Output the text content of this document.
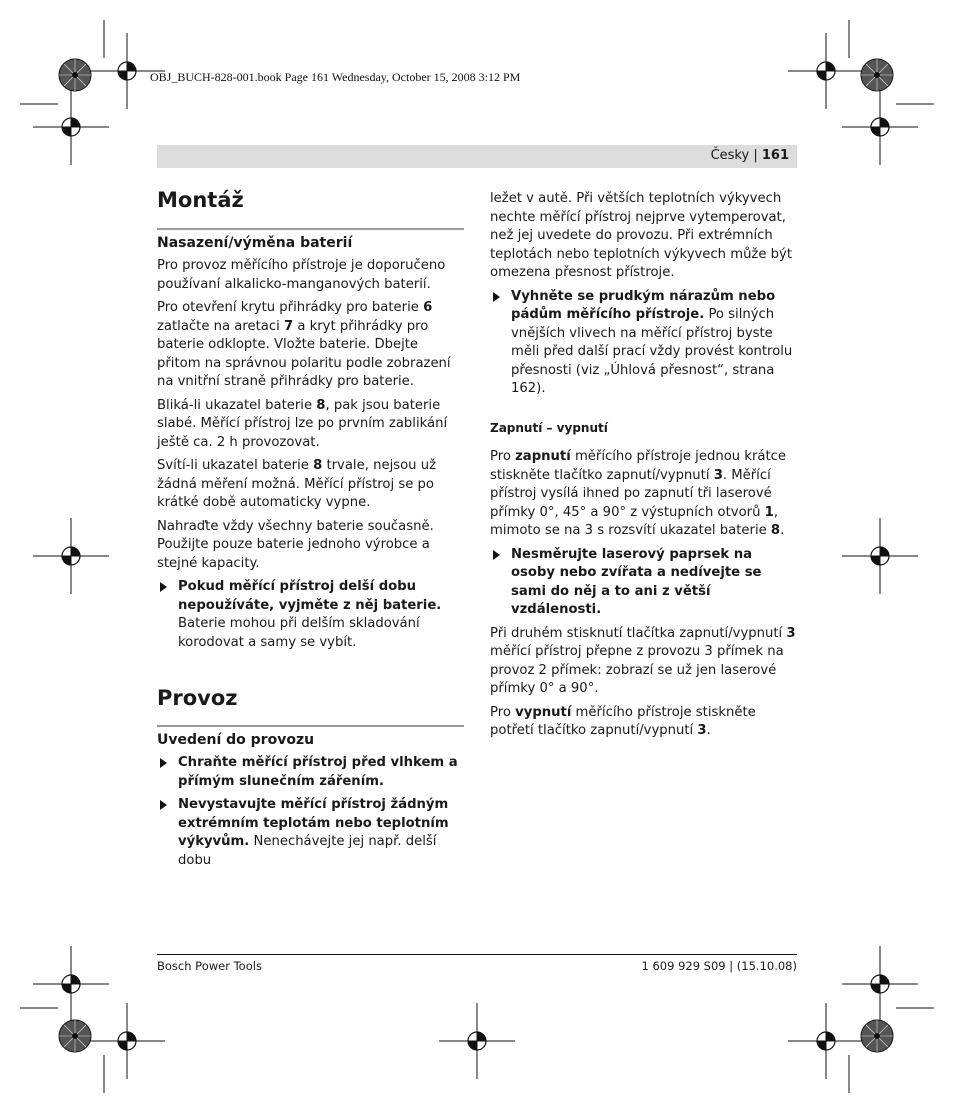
OBJ_BUCH-828-001.book Page 161 Wednesday, October 15, 2008 3:12 PM
Česky | 161
Montáž
Nasazení/výměna baterií

Pro provoz měřícího přístroje je doporučeno používaní alkalicko-manganových baterií.

Pro otevření krytu přihrádky pro baterie 6 zatlačte na aretaci 7 a kryt přihrádky pro baterie odklopte. Vložte baterie. Dbejte přitom na správnou polaritu podle zobrazení na vnitřní straně přihrádky pro baterie.

Bliká-li ukazatel baterie 8, pak jsou baterie slabé. Měřící přístroj lze po prvním zablikání ještě ca. 2 h provozovat.

Svítí-li ukazatel baterie 8 trvale, nejsou už žádná měření možná. Měřící přístroj se po krátké době automaticky vypne.

Nahraďte vždy všechny baterie současně. Použijte pouze baterie jednoho výrobce a stejné kapacity.

Pokud měřící přístroj delší dobu nepoužíváte, vyjměte z něj baterie. Baterie mohou při delším skladování korodovat a samy se vybít.
Provoz
Uvedení do provozu
Chraňte měřící přístroj před vlhkem a přímým slunečním zářením.
Nevystavujte měřící přístroj žádným extrémním teplotám nebo teplotním výkyvům. Nenechávejte jej např. delší dobu

ležet v autě. Při větších teplotních výkyvech nechte měřící přístroj nejprve vytemperovat, než jej uvedete do provozu. Při extrémních teplotách nebo teplotních výkyvech může být omezena přesnost přístroje.

Vyhněte se prudkým nárazům nebo pádům měřícího přístroje. Po silných vnějších vlivech na měřící přístroj byste měli před další prací vždy provést kontrolu přesnosti (viz „Úhlová přesnost“, strana 162).
Zapnutí – vypnutí

Pro zapnutí měřícího přístroje jednou krátce stiskněte tlačítko zapnutí/vypnutí 3. Měřící přístroj vysílá ihned po zapnutí tři laserové přímky 0°, 45° a 90° z výstupních otvorů 1, mimoto se na 3 s rozsvítí ukazatel baterie 8.

Nesměrujte laserový paprsek na osoby nebo zvířata a nedívejte se sami do něj a to ani z větší vzdálenosti.

Při druhém stisknutí tlačítka zapnutí/vypnutí 3 měřící přístroj přepne z provozu 3 přímek na provoz 2 přímek: zobrazí se už jen laserové přímky 0° a 90°.

Pro vypnutí měřícího přístroje stiskněte potřetí tlačítko zapnutí/vypnutí 3.

Bosch Power Tools	1 609 929 S09 | (15.10.08)
